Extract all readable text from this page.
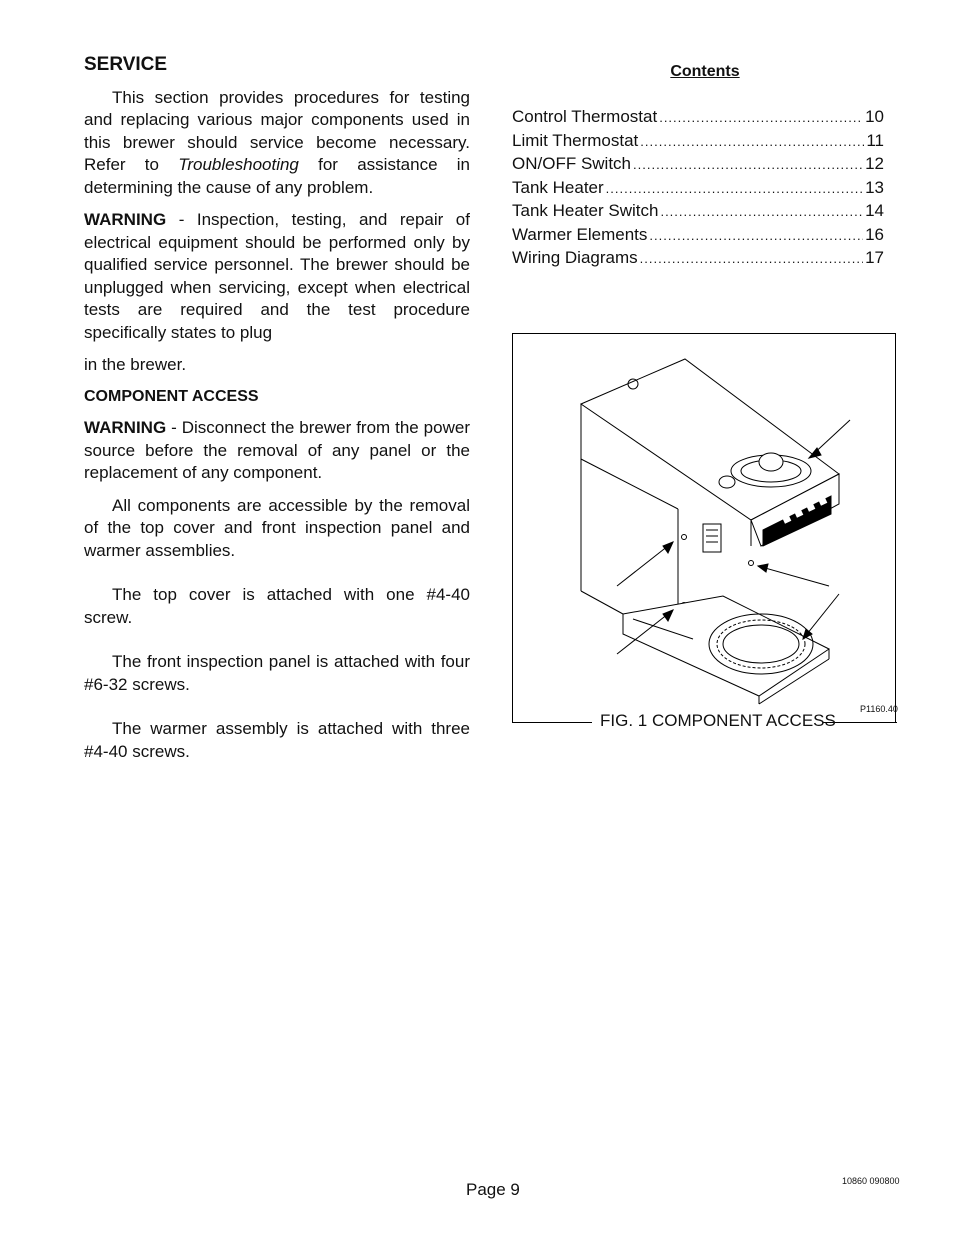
SERVICE

This section provides procedures for testing and replacing various major components used in this brewer should service become necessary. Refer to Troubleshooting for assistance in determining the cause of any problem.

WARNING - Inspection, testing, and repair of electrical equipment should be performed only by qualified service personnel. The brewer should be unplugged when servicing, except when electrical tests are required and the test procedure specifically states to plug

in the brewer.

COMPONENT ACCESS

WARNING - Disconnect the brewer from the power source before the removal of any panel or the replacement of any component.

All components are accessible by the removal of the top cover and front inspection panel and warmer assemblies.

The top cover is attached with one #4-40 screw.

The front inspection panel is attached with four #6-32 screws.

The warmer assembly is attached with three #4-40 screws.

Contents
Control Thermostat .....	10
Limit Thermostat .....	11
ON/OFF Switch .....	12
Tank Heater .....	13
Tank Heater Switch .....	14
Warmer Elements .....	16
Wiring Diagrams .....	17
FIG. 1 COMPONENT ACCESS
P1160.40
Page 9	10860 090800
